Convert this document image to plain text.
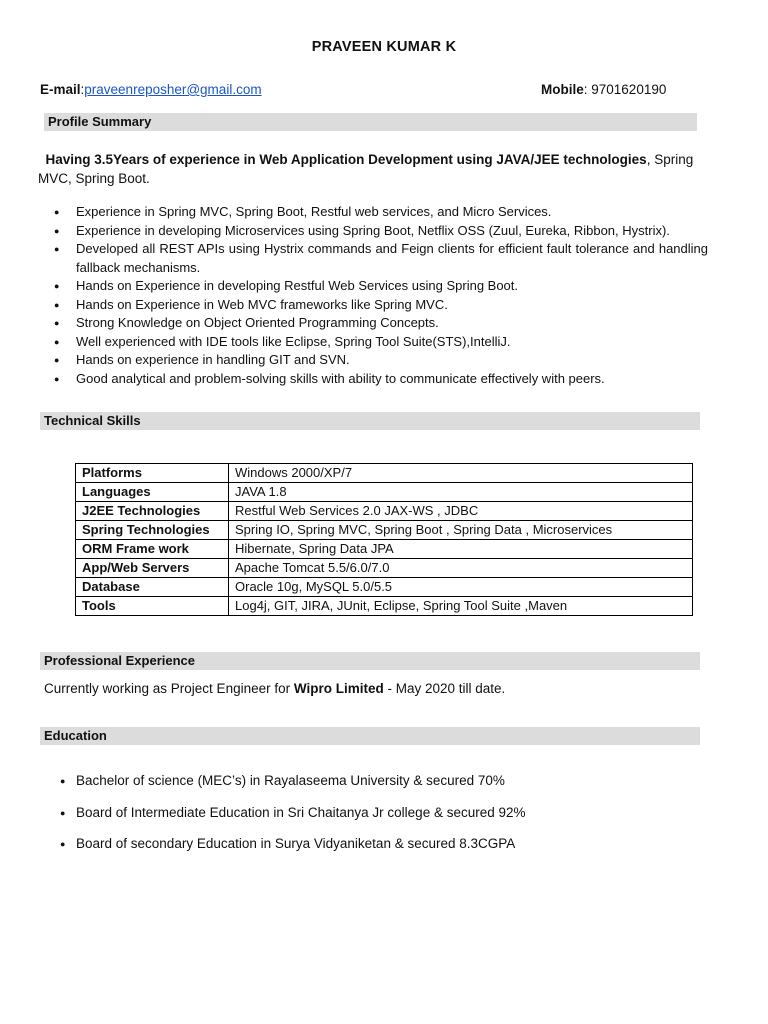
PRAVEEN KUMAR K
E-mail:praveenreposher@gmail.com	Mobile: 9701620190
Profile Summary
Having 3.5Years of experience in Web Application Development using JAVA/JEE technologies, Spring MVC, Spring Boot.
● Experience in Spring MVC, Spring Boot, Restful web services, and Micro Services.
● Experience in developing Microservices using Spring Boot, Netflix OSS (Zuul, Eureka, Ribbon, Hystrix).
● Developed all REST APIs using Hystrix commands and Feign clients for efficient fault tolerance and handling fallback mechanisms.
● Hands on Experience in developing Restful Web Services using Spring Boot.
● Hands on Experience in Web MVC frameworks like Spring MVC.
● Strong Knowledge on Object Oriented Programming Concepts.
● Well experienced with IDE tools like Eclipse, Spring Tool Suite(STS),IntelliJ.
● Hands on experience in handling GIT and SVN.
● Good analytical and problem-solving skills with ability to communicate effectively with peers.
Technical Skills
Platforms	Windows 2000/XP/7
Languages	JAVA 1.8
J2EE Technologies	Restful Web Services 2.0 JAX-WS , JDBC
Spring Technologies	Spring IO, Spring MVC, Spring Boot , Spring Data , Microservices
ORM Frame work	Hibernate, Spring Data JPA
App/Web Servers	Apache Tomcat 5.5/6.0/7.0
Database	Oracle 10g, MySQL 5.0/5.5
Tools	Log4j, GIT, JIRA, JUnit, Eclipse, Spring Tool Suite ,Maven
Professional Experience
Currently working as Project Engineer for Wipro Limited - May 2020 till date.
Education
● Bachelor of science (MEC’s) in Rayalaseema University & secured 70%
● Board of Intermediate Education in Sri Chaitanya Jr college & secured 92%
● Board of secondary Education in Surya Vidyaniketan & secured 8.3CGPA
